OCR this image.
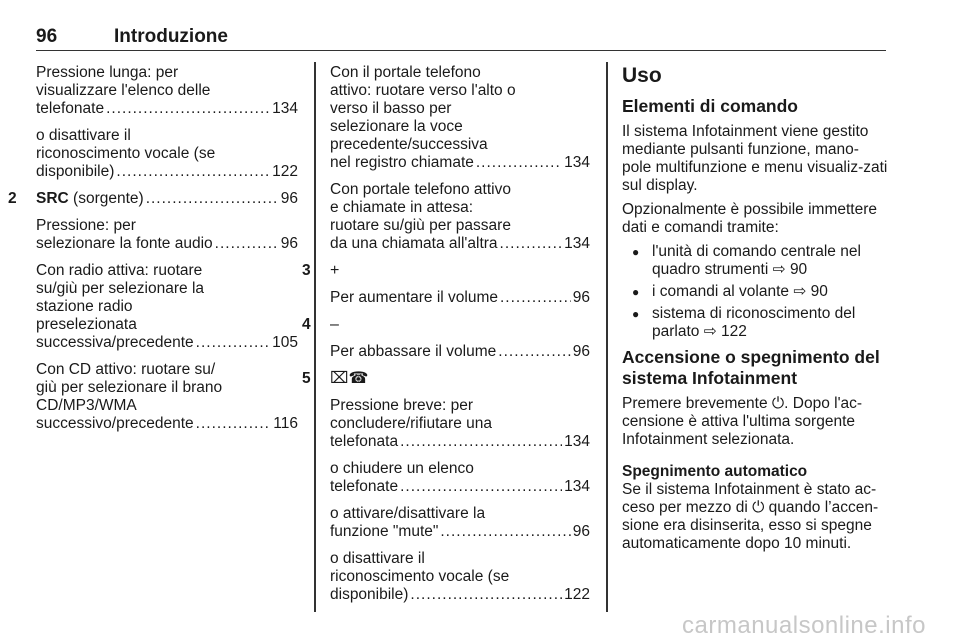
96	Introduzione
Pressione lunga: per
visualizzare l'elenco delle
telefonate .....	134
o disattivare il
riconoscimento vocale (se
disponibile) .....	122
2 SRC (sorgente) .....	96
Pressione: per
selezionare la fonte audio .....	96
Con radio attiva: ruotare
su/giù per selezionare la
stazione radio
preselezionata
successiva/precedente .....	105
Con CD attivo: ruotare su/
giù per selezionare il brano
CD/MP3/WMA
successivo/precedente .....	116
Con il portale telefono
attivo: ruotare verso l'alto o
verso il basso per
selezionare la voce
precedente/successiva
nel registro chiamate .....	134
Con portale telefono attivo
e chiamate in attesa:
ruotare su/giù per passare
da una chiamata all'altra .....	134
3 +
Per aumentare il volume .....	96
4 –
Per abbassare il volume .....	96
5 ⌧☎
Pressione breve: per
concludere/rifiutare una
telefonata .....	134
o chiudere un elenco
telefonate .....	134
o attivare/disattivare la
funzione "mute" .....	96
o disattivare il
riconoscimento vocale (se
disponibile) .....	122
Uso
Elementi di comando

Il sistema Infotainment viene gestito mediante pulsanti funzione, mano-pole multifunzione e menu visualiz-zati sul display.

Opzionalmente è possibile immettere dati e comandi tramite:

● l'unità di comando centrale nel quadro strumenti ⇨ 90
● i comandi al volante ⇨ 90
● sistema di riconoscimento del parlato ⇨ 122
Accensione o spegnimento del sistema Infotainment

Premere brevemente ⏻. Dopo l'ac-censione è attiva l'ultima sorgente Infotainment selezionata.

Spegnimento automatico

Se il sistema Infotainment è stato ac-ceso per mezzo di ⏻ quando l’accen-sione era disinserita, esso si spegne automaticamente dopo 10 minuti.

carmanualsonline.info
